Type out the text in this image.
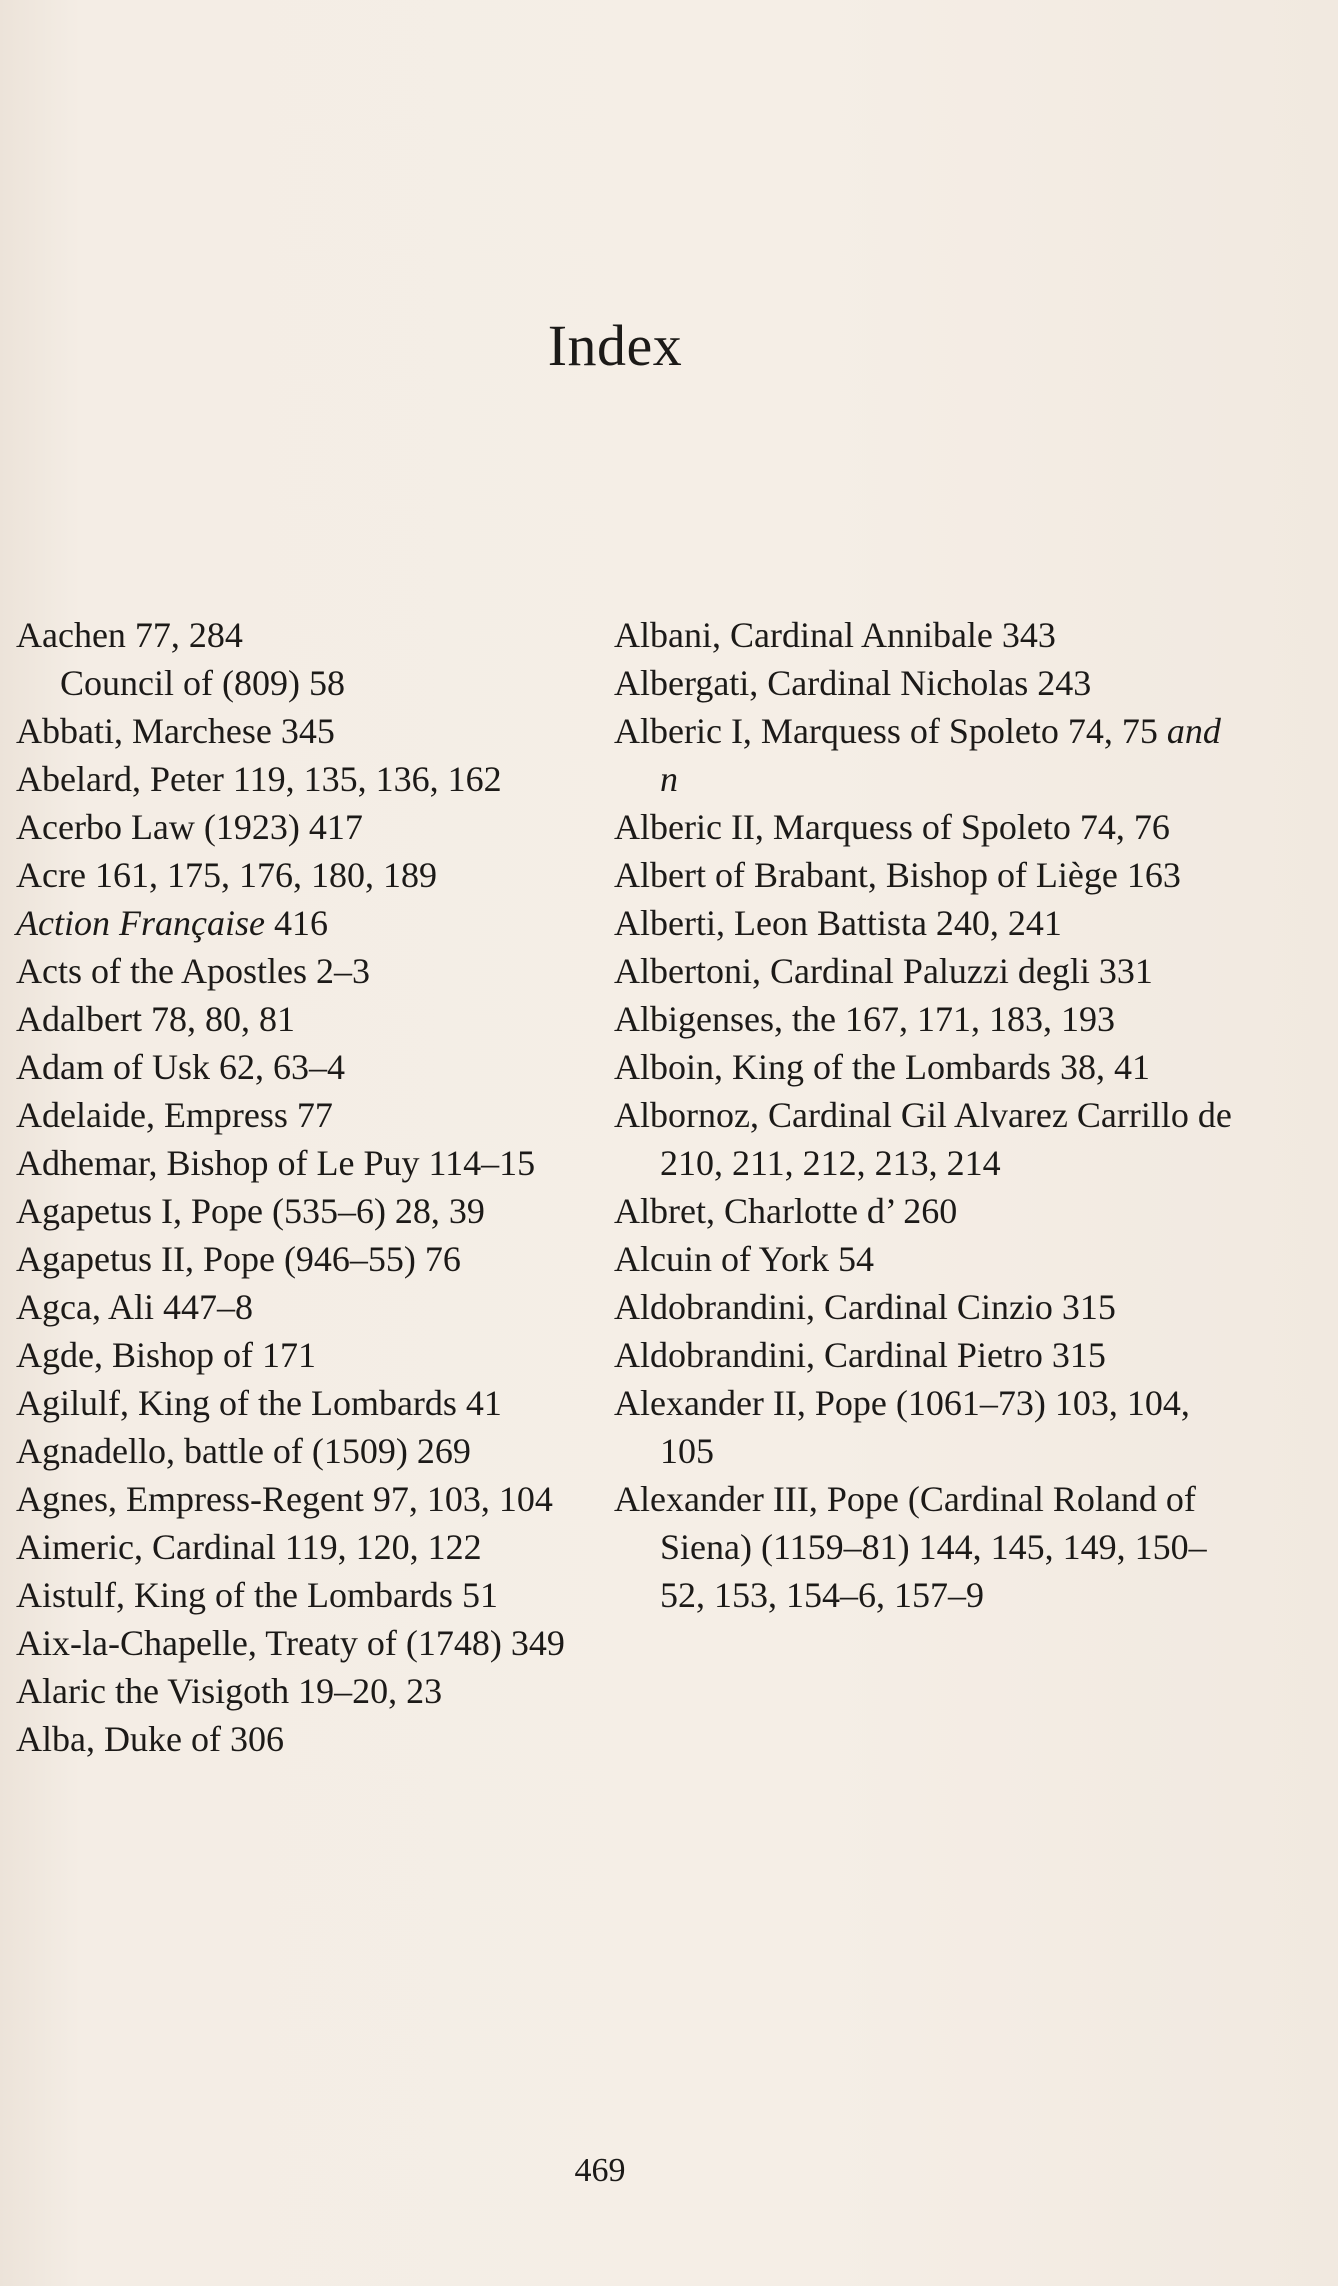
Index
Aachen 77, 284
Council of (809) 58
Abbati, Marchese 345
Abelard, Peter 119, 135, 136, 162
Acerbo Law (1923) 417
Acre 161, 175, 176, 180, 189
Action Française 416
Acts of the Apostles 2–3
Adalbert 78, 80, 81
Adam of Usk 62, 63–4
Adelaide, Empress 77
Adhemar, Bishop of Le Puy 114–15
Agapetus I, Pope (535–6) 28, 39
Agapetus II, Pope (946–55) 76
Agca, Ali 447–8
Agde, Bishop of 171
Agilulf, King of the Lombards 41
Agnadello, battle of (1509) 269
Agnes, Empress-Regent 97, 103, 104
Aimeric, Cardinal 119, 120, 122
Aistulf, King of the Lombards 51
Aix-la-Chapelle, Treaty of (1748) 349
Alaric the Visigoth 19–20, 23
Alba, Duke of 306
Albani, Cardinal Annibale 343
Albergati, Cardinal Nicholas 243
Alberic I, Marquess of Spoleto 74, 75 and n
Alberic II, Marquess of Spoleto 74, 76
Albert of Brabant, Bishop of Liège 163
Alberti, Leon Battista 240, 241
Albertoni, Cardinal Paluzzi degli 331
Albigenses, the 167, 171, 183, 193
Alboin, King of the Lombards 38, 41
Albornoz, Cardinal Gil Alvarez Carrillo de 210, 211, 212, 213, 214
Albret, Charlotte d’ 260
Alcuin of York 54
Aldobrandini, Cardinal Cinzio 315
Aldobrandini, Cardinal Pietro 315
Alexander II, Pope (1061–73) 103, 104, 105
Alexander III, Pope (Cardinal Roland of Siena) (1159–81) 144, 145, 149, 150–52, 153, 154–6, 157–9
469
